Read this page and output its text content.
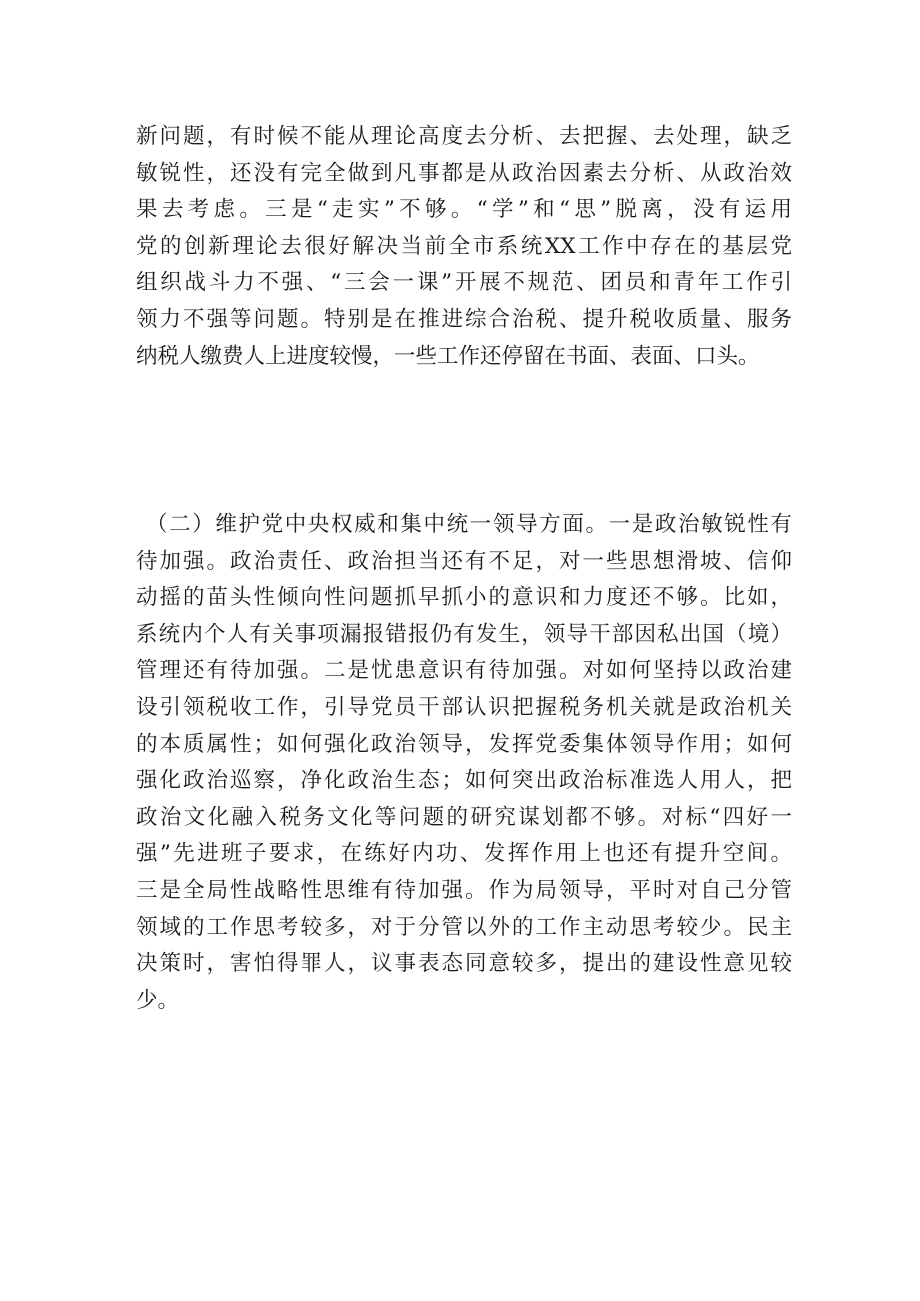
新问题，有时候不能从理论高度去分析、去把握、去处理，缺乏
敏锐性，还没有完全做到凡事都是从政治因素去分析、从政治效
果去考虑。三是“走实”不够。“学”和“思”脱离，没有运用
党的创新理论去很好解决当前全市系统XX工作中存在的基层党
组织战斗力不强、“三会一课”开展不规范、团员和青年工作引
领力不强等问题。特别是在推进综合治税、提升税收质量、服务
纳税人缴费人上进度较慢，一些工作还停留在书面、表面、口头。
（二）维护党中央权威和集中统一领导方面。一是政治敏锐性有
待加强。政治责任、政治担当还有不足，对一些思想滑坡、信仰
动摇的苗头性倾向性问题抓早抓小的意识和力度还不够。比如，
系统内个人有关事项漏报错报仍有发生，领导干部因私出国（境）
管理还有待加强。二是忧患意识有待加强。对如何坚持以政治建
设引领税收工作，引导党员干部认识把握税务机关就是政治机关
的本质属性；如何强化政治领导，发挥党委集体领导作用；如何
强化政治巡察，净化政治生态；如何突出政治标准选人用人，把
政治文化融入税务文化等问题的研究谋划都不够。对标“四好一
强”先进班子要求，在练好内功、发挥作用上也还有提升空间。
三是全局性战略性思维有待加强。作为局领导，平时对自己分管
领域的工作思考较多，对于分管以外的工作主动思考较少。民主
决策时，害怕得罪人，议事表态同意较多，提出的建设性意见较
少。
